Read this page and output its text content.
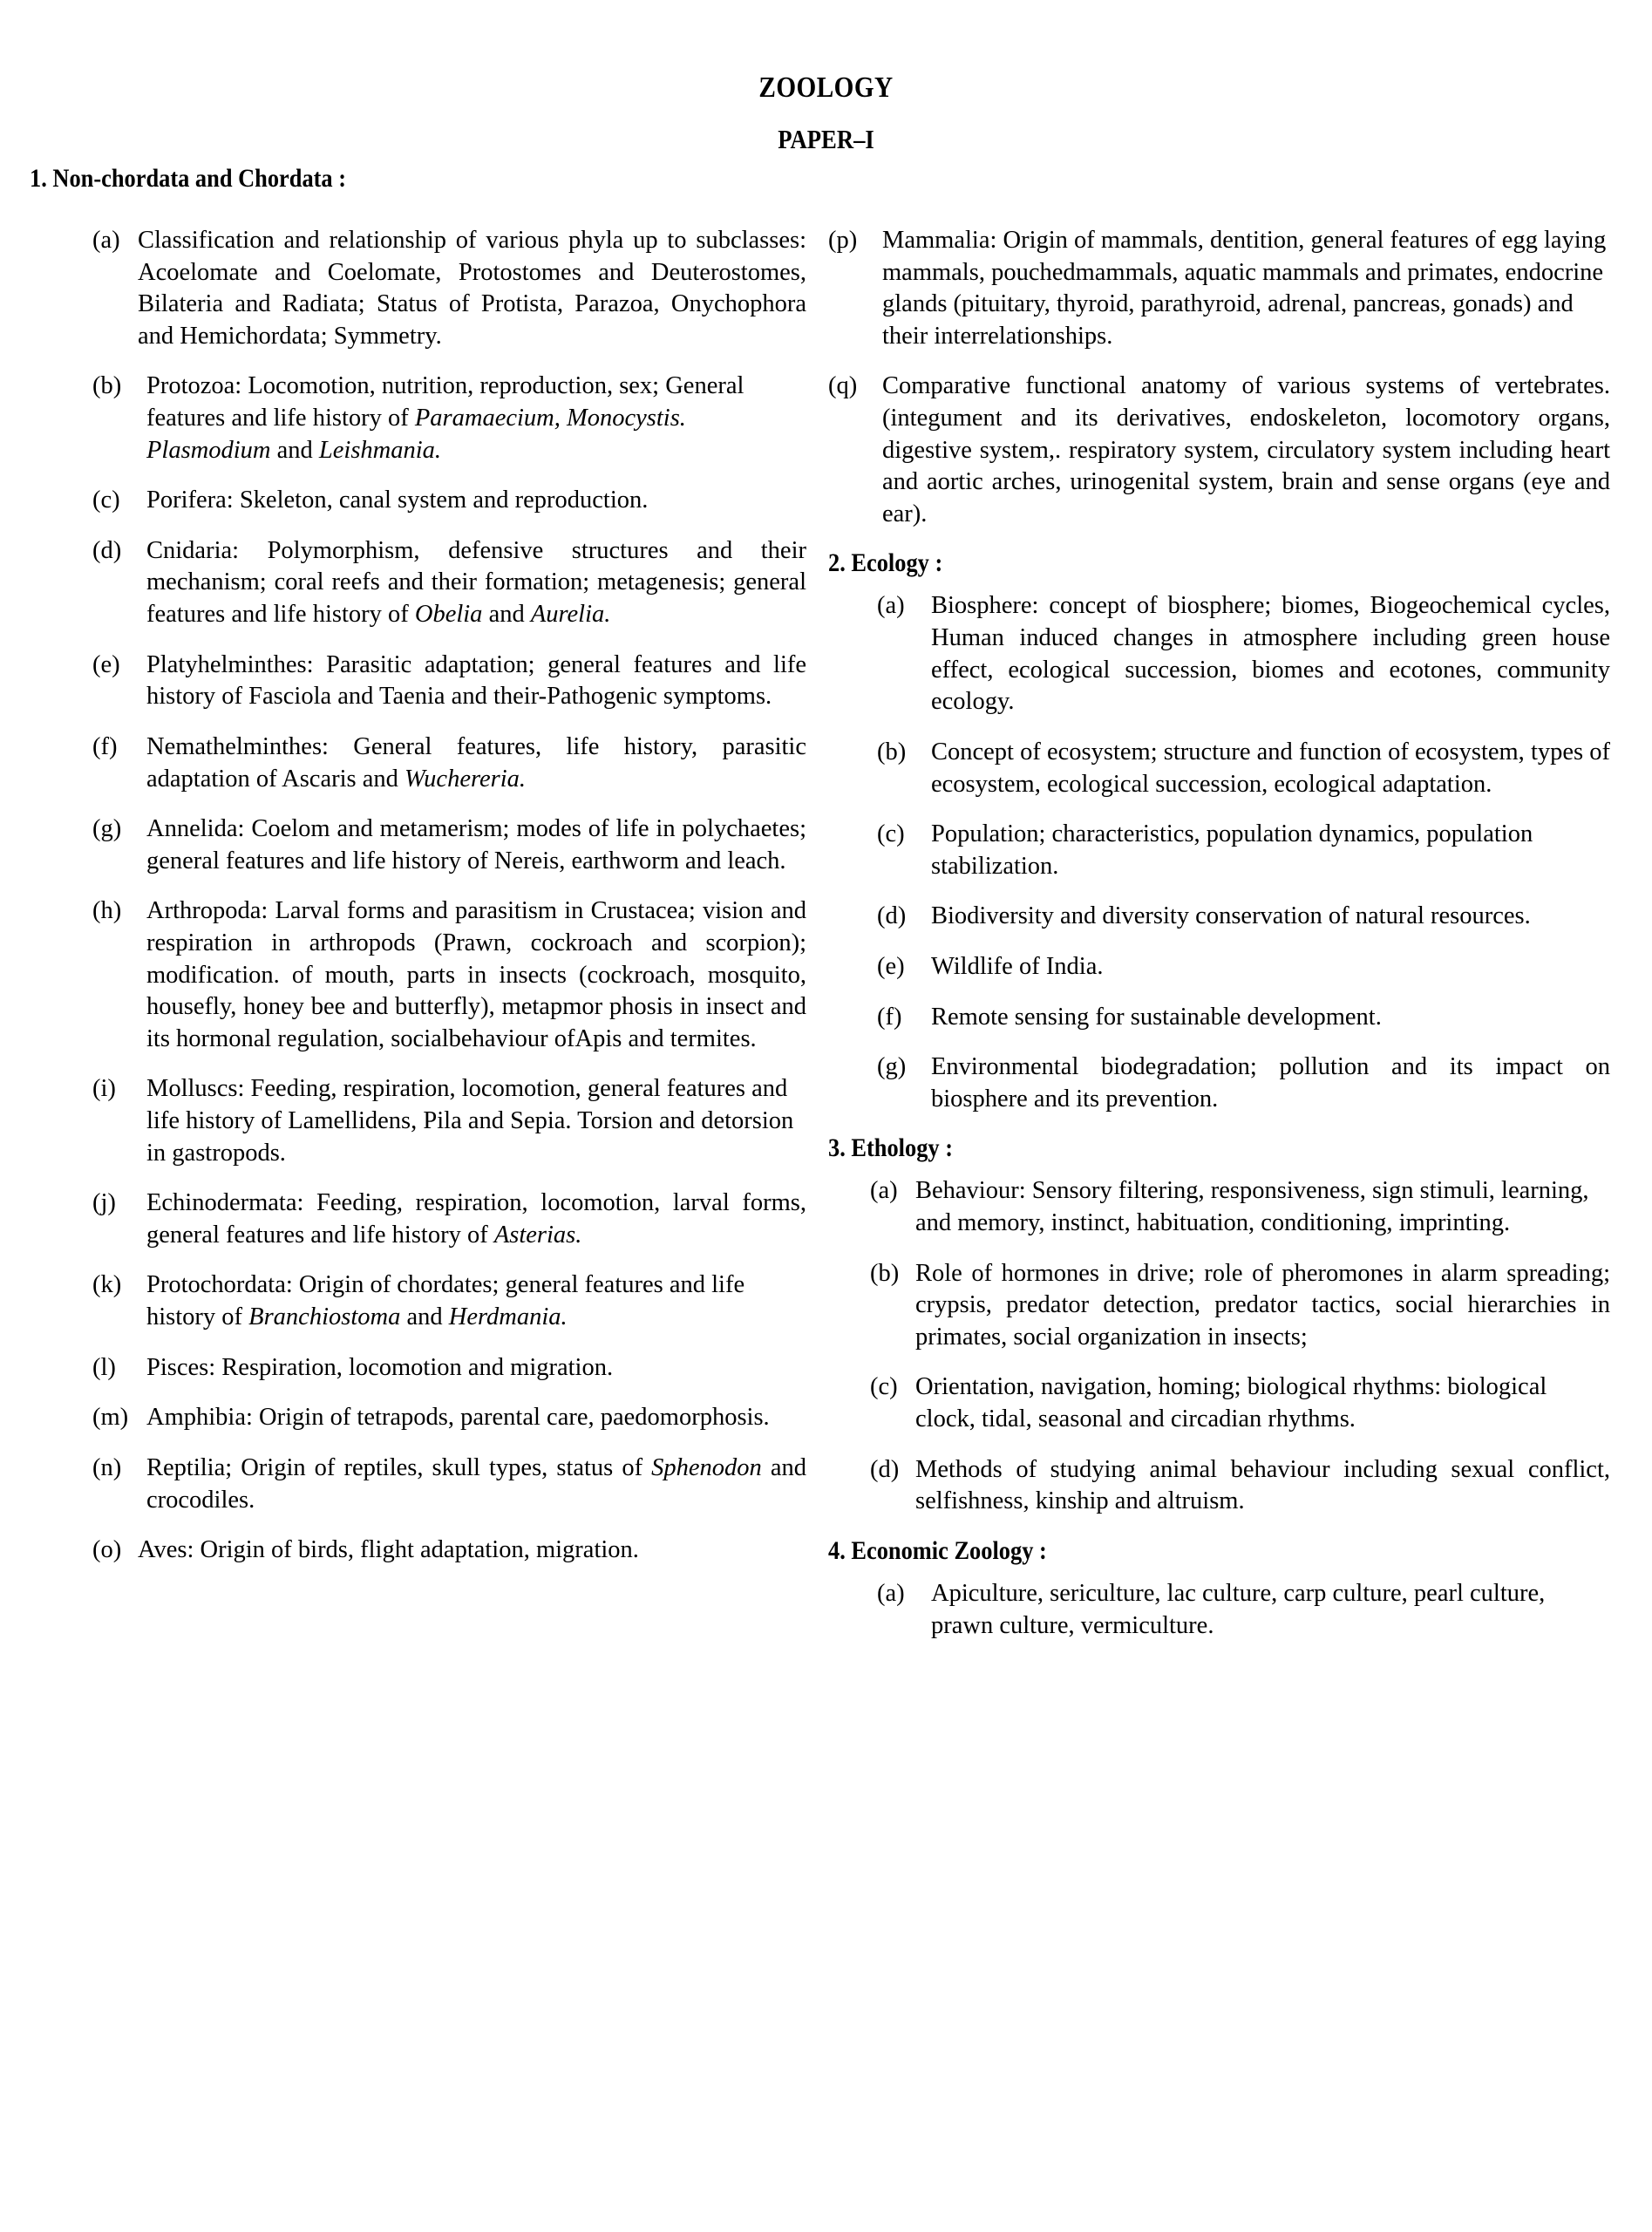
ZOOLOGY
PAPER–I
1. Non-chordata and Chordata :
(a) Classification and relationship of various phyla up to subclasses: Acoelomate and Coelomate, Protostomes and Deuterostomes, Bilateria and Radiata; Status of Protista, Parazoa, Onychophora and Hemichordata; Symmetry.
(b)	Protozoa: Locomotion, nutrition, reproduction, sex; General features and life history of Paramaecium, Monocystis. Plasmodium and Leishmania.
(c)	Porifera: Skeleton, canal system and reproduction.
(d)	Cnidaria: Polymorphism, defensive structures and their mechanism; coral reefs and their formation; metagenesis; general features and life history of Obelia and Aurelia.
(e)	Platyhelminthes: Parasitic adaptation; general features and life history of Fasciola and Taenia and their-Pathogenic symptoms.
(f)	Nemathelminthes: General features, life history, parasitic adaptation of Ascaris and Wuchereria.
(g)	Annelida: Coelom and metamerism; modes of life in polychaetes; general features and life history of Nereis, earthworm and leach.
(h)	Arthropoda: Larval forms and parasitism in Crustacea; vision and respiration in arthropods (Prawn, cockroach and scorpion); modification. of mouth, parts in insects (cockroach, mosquito, housefly, honey bee and butterfly), metapmor phosis in insect and its hormonal regulation, socialbehaviour ofApis and termites.
(i)	Molluscs: Feeding, respiration, locomotion, general features and life history of Lamellidens, Pila and Sepia. Torsion and detorsion in gastropods.
(j)	Echinodermata: Feeding, respiration, locomotion, larval forms, general features and life history of Asterias.
(k)	Protochordata: Origin of chordates; general features and life history of Branchiostoma and Herdmania.
(l)	Pisces: Respiration, locomotion and migration.
(m) Amphibia: Origin of tetrapods, parental care, paedomorphosis.
(n)	Reptilia; Origin of reptiles, skull types, status of Sphenodon and crocodiles.
(o) Aves: Origin of birds, flight adaptation, migration.
(p)	Mammalia: Origin of mammals, dentition, general features of egg laying mammals, pouchedmammals, aquatic mammals and primates, endocrine glands (pituitary, thyroid, parathyroid, adrenal, pancreas, gonads) and their interrelationships.
(q)	Comparative functional anatomy of various systems of vertebrates. (integument and its derivatives, endoskeleton, locomotory organs, digestive system,. respiratory system, circulatory system including heart and aortic arches, urinogenital system, brain and sense organs (eye and ear).
2. Ecology :
(a)	Biosphere: concept of biosphere; biomes, Biogeochemical cycles, Human induced changes in atmosphere including green house effect, ecological succession, biomes and ecotones, community ecology.
(b)	Concept of ecosystem; structure and function of ecosystem, types of ecosystem, ecological succession, ecological adaptation.
(c)	Population; characteristics, population dynamics, population stabilization.
(d)	Biodiversity and diversity conservation of natural resources.
(e)	Wildlife of India.
(f)	Remote sensing for sustainable development.
(g)	Environmental biodegradation; pollution and its impact on biosphere and its prevention.
3. Ethology :
(a) Behaviour: Sensory filtering, responsiveness, sign stimuli, learning, and memory, instinct, habituation, conditioning, imprinting.
(b) Role of hormones in drive; role of pheromones in alarm spreading; crypsis, predator detection, predator tactics, social hierarchies in primates, social organization in insects;
(c) Orientation, navigation, homing; biological rhythms: biological clock, tidal, seasonal and circadian rhythms.
(d) Methods of studying animal behaviour including sexual conflict, selfishness, kinship and altruism.
4. Economic Zoology :
(a)	Apiculture, sericulture, lac culture, carp culture, pearl culture, prawn culture, vermiculture.
